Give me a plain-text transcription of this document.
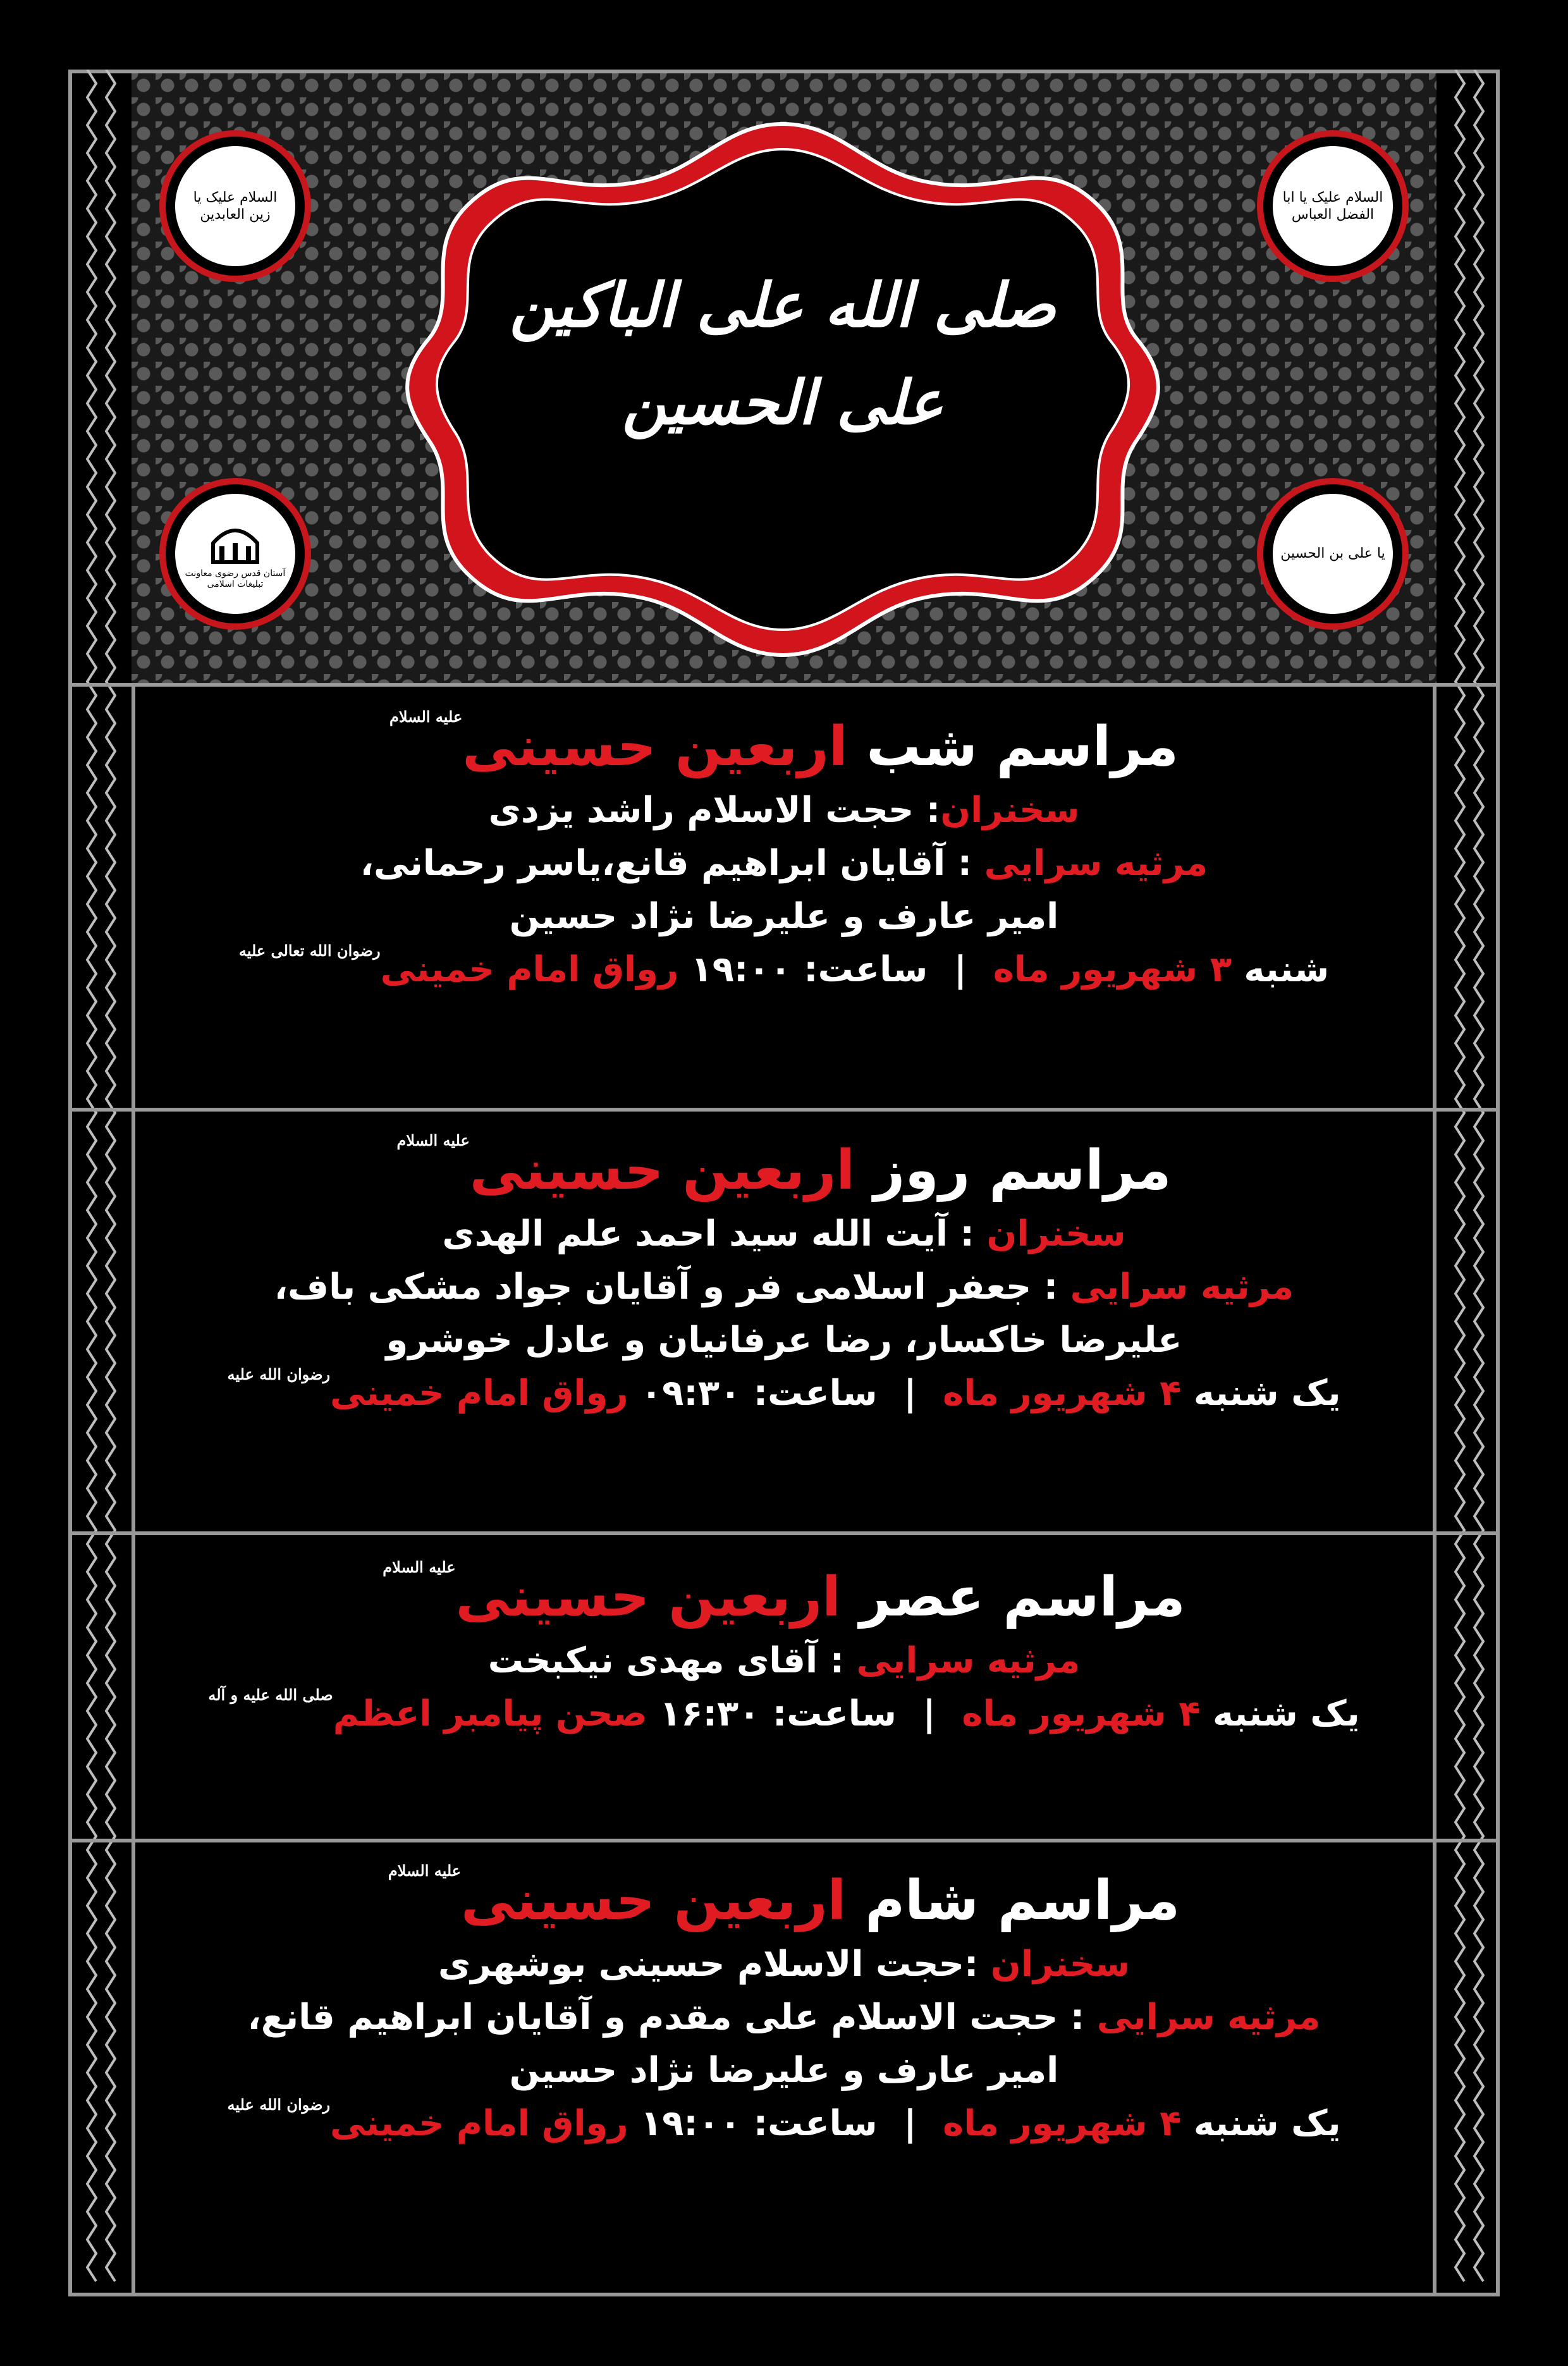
صلی الله علی الباکین علی الحسین
السلام علیک یا زین العابدین
السلام علیک یا ابا الفضل العباس
آستان قدس رضوی معاونت تبلیغات اسلامی
یا علی بن الحسین
مراسم شب اربعین حسینیعلیه السلام
سخنران: حجت الاسلام راشد یزدی
مرثیه سرایی : آقایان ابراهیم قانع،یاسر رحمانی،
امیر عارف و علیرضا نژاد حسین
شنبه ۳ شهریور ماه | ساعت: ۱۹:۰۰ رواق امام خمینیرضوان الله تعالی علیه
مراسم روز اربعین حسینیعلیه السلام
سخنران : آیت الله سید احمد علم الهدی
مرثیه سرایی : جعفر اسلامی فر و آقایان جواد مشکی باف،
علیرضا خاکسار، رضا عرفانیان و عادل خوشرو
یک شنبه ۴ شهریور ماه | ساعت: ۰۹:۳۰ رواق امام خمینیرضوان الله علیه
مراسم عصر اربعین حسینیعلیه السلام
مرثیه سرایی : آقای مهدی نیکبخت
یک شنبه ۴ شهریور ماه | ساعت: ۱۶:۳۰ صحن پیامبر اعظمصلی الله علیه و آله
مراسم شام اربعین حسینیعلیه السلام
سخنران :حجت الاسلام حسینی بوشهری
مرثیه سرایی : حجت الاسلام علی مقدم و آقایان ابراهیم قانع،
امیر عارف و علیرضا نژاد حسین
یک شنبه ۴ شهریور ماه | ساعت: ۱۹:۰۰ رواق امام خمینیرضوان الله علیه
